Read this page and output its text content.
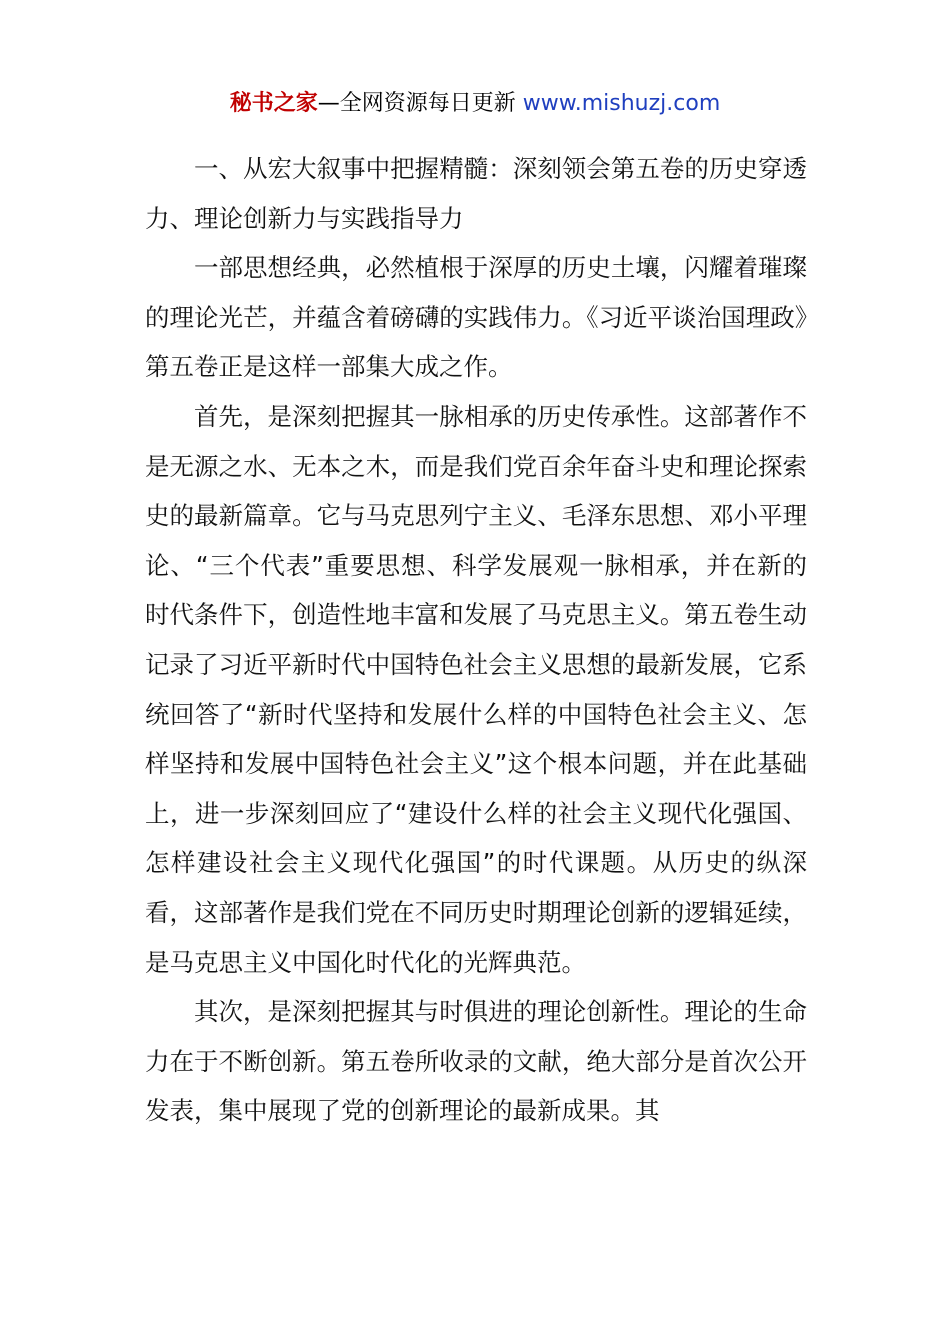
秘书之家—全网资源每日更新 www.mishuzj.com

一、从宏大叙事中把握精髓：深刻领会第五卷的历史穿透力、理论创新力与实践指导力

一部思想经典，必然植根于深厚的历史土壤，闪耀着璀璨的理论光芒，并蕴含着磅礴的实践伟力。《习近平谈治国理政》第五卷正是这样一部集大成之作。

首先，是深刻把握其一脉相承的历史传承性。这部著作不是无源之水、无本之木，而是我们党百余年奋斗史和理论探索史的最新篇章。它与马克思列宁主义、毛泽东思想、邓小平理论、“三个代表”重要思想、科学发展观一脉相承，并在新的时代条件下，创造性地丰富和发展了马克思主义。第五卷生动记录了习近平新时代中国特色社会主义思想的最新发展，它系统回答了“新时代坚持和发展什么样的中国特色社会主义、怎样坚持和发展中国特色社会主义”这个根本问题，并在此基础上，进一步深刻回应了“建设什么样的社会主义现代化强国、怎样建设社会主义现代化强国”的时代课题。从历史的纵深看，这部著作是我们党在不同历史时期理论创新的逻辑延续，是马克思主义中国化时代化的光辉典范。

其次，是深刻把握其与时俱进的理论创新性。理论的生命力在于不断创新。第五卷所收录的文献，绝大部分是首次公开发表，集中展现了党的创新理论的最新成果。其
